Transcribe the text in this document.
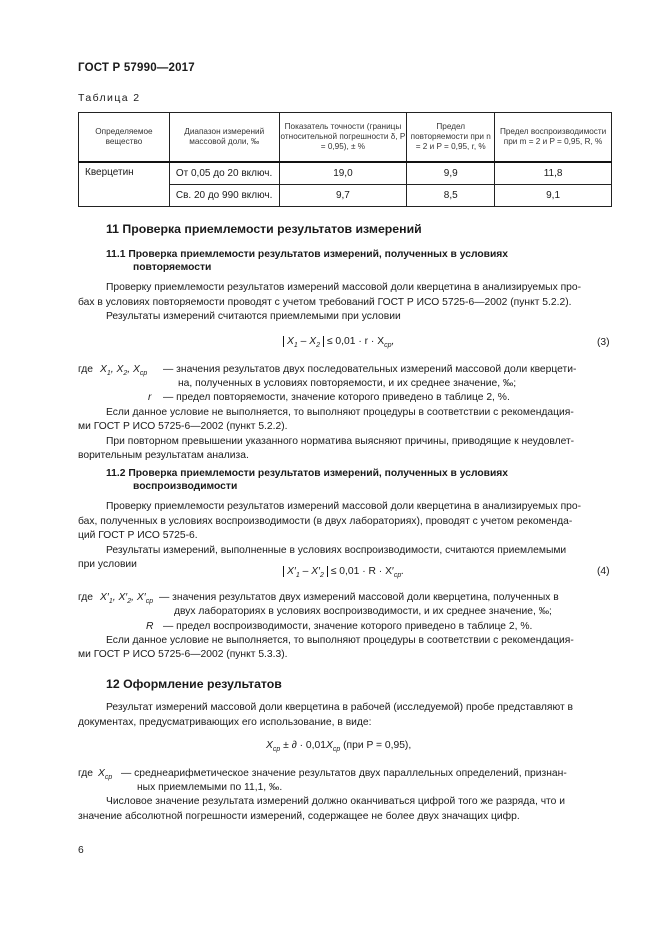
ГОСТ Р 57990—2017
Таблица 2
Определяемое вещество	Диапазон измерений массовой доли, ‰	Показатель точности (границы относительной погрешности δ, P = 0,95), ± %	Предел повторяемости при n = 2 и P = 0,95, r, %	Предел воспроизводимости при m = 2 и P = 0,95, R, %
Кверцетин	От 0,05 до 20 включ.	19,0	9,9	11,8
	Св. 20 до 990 включ.	9,7	8,5	9,1
11 Проверка приемлемости результатов измерений
11.1 Проверка приемлемости результатов измерений, полученных в условиях
повторяемости
Проверку приемлемости результатов измерений массовой доли кверцетина в анализируемых про-
бах в условиях повторяемости проводят с учетом требований ГОСТ Р ИСО 5725-6—2002 (пункт 5.2.2).
Результаты измерений считаются приемлемыми при условии
$X_1 - X_2 \le 0,01 \cdot r \cdot X_{ср}$,	(3)
где $X_1$, $X_2$, $X_{ср}$ — значения результатов двух последовательных измерений массовой доли кверцети-
на, полученных в условиях повторяемости, и их среднее значение, ‰;
r — предел повторяемости, значение которого приведено в таблице 2, %.
Если данное условие не выполняется, то выполняют процедуры в соответствии с рекомендация-
ми ГОСТ Р ИСО 5725-6—2002 (пункт 5.2.2).
При повторном превышении указанного норматива выясняют причины, приводящие к неудовлет-
ворительным результатам анализа.
11.2 Проверка приемлемости результатов измерений, полученных в условиях
воспроизводимости
Проверку приемлемости результатов измерений массовой доли кверцетина в анализируемых про-
бах, полученных в условиях воспроизводимости (в двух лабораториях), проводят с учетом рекоменда-
ций ГОСТ Р ИСО 5725-6.
Результаты измерений, выполненные в условиях воспроизводимости, считаются приемлемыми
при условии
$X'_1 - X'_2 \le 0,01 \cdot R \cdot X'_{ср}$.	(4)
где $X'_1$, $X'_2$, $X'_{ср}$ — значения результатов двух измерений массовой доли кверцетина, полученных в
двух лабораториях в условиях воспроизводимости, и их среднее значение, ‰;
R — предел воспроизводимости, значение которого приведено в таблице 2, %.
Если данное условие не выполняется, то выполняют процедуры в соответствии с рекомендация-
ми ГОСТ Р ИСО 5725-6—2002 (пункт 5.3.3).
12 Оформление результатов
Результат измерений массовой доли кверцетина в рабочей (исследуемой) пробе представляют в
документах, предусматривающих его использование, в виде:
$X_{ср}$ ± ∂ · $0,01X_{ср}$ (при P = 0,95),
где $X_{ср}$ — среднеарифметическое значение результатов двух параллельных определений, признан-
ных приемлемыми по 11,1, ‰.
Числовое значение результата измерений должно оканчиваться цифрой того же разряда, что и
значение абсолютной погрешности измерений, содержащее не более двух значащих цифр.
6
